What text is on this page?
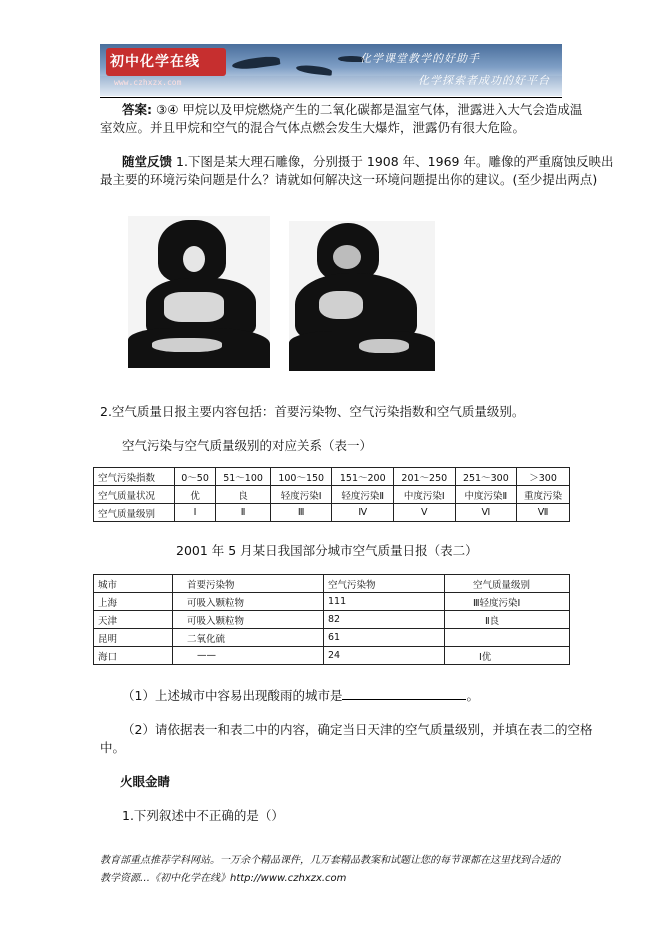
初中化学在线
www.czhxzx.com
化学课堂教学的好助手
化学探索者成功的好平台
答案: ③④ 甲烷以及甲烷燃烧产生的二氧化碳都是温室气体，泄露进入大气会造成温
室效应。并且甲烷和空气的混合气体点燃会发生大爆炸，泄露仍有很大危险。
随堂反馈 1.下图是某大理石雕像，分别摄于 1908 年、1969 年。雕像的严重腐蚀反映出
最主要的环境污染问题是什么？请就如何解决这一环境问题提出你的建议。(至少提出两点)
2.空气质量日报主要内容包括：首要污染物、空气污染指数和空气质量级别。
空气污染与空气质量级别的对应关系（表一）
空气污染指数	0～50	51～100	100～150	151～200	201～250	251～300	＞300
空气质量状况	优	良	轻度污染Ⅰ	轻度污染Ⅱ	中度污染Ⅰ	中度污染Ⅱ	重度污染
空气质量级别	Ⅰ	Ⅱ	Ⅲ	Ⅳ	Ⅴ	Ⅵ	Ⅶ
2001 年 5 月某日我国部分城市空气质量日报（表二）
城市	首要污染物	空气污染物	空气质量级别
上海	可吸入颗粒物	111	Ⅲ轻度污染Ⅰ
天津	可吸入颗粒物	82	Ⅱ良
昆明	二氧化硫	61	
海口	——	24	Ⅰ优
（1）上述城市中容易出现酸雨的城市是	。
（2）请依据表一和表二中的内容，确定当日天津的空气质量级别，并填在表二的空格
中。
火眼金睛
1.下列叙述中不正确的是（）
教育部重点推荐学科网站。一万余个精品课件，几万套精品教案和试题让您的每节课都在这里找到合适的
教学资源…《初中化学在线》http://www.czhxzx.com
